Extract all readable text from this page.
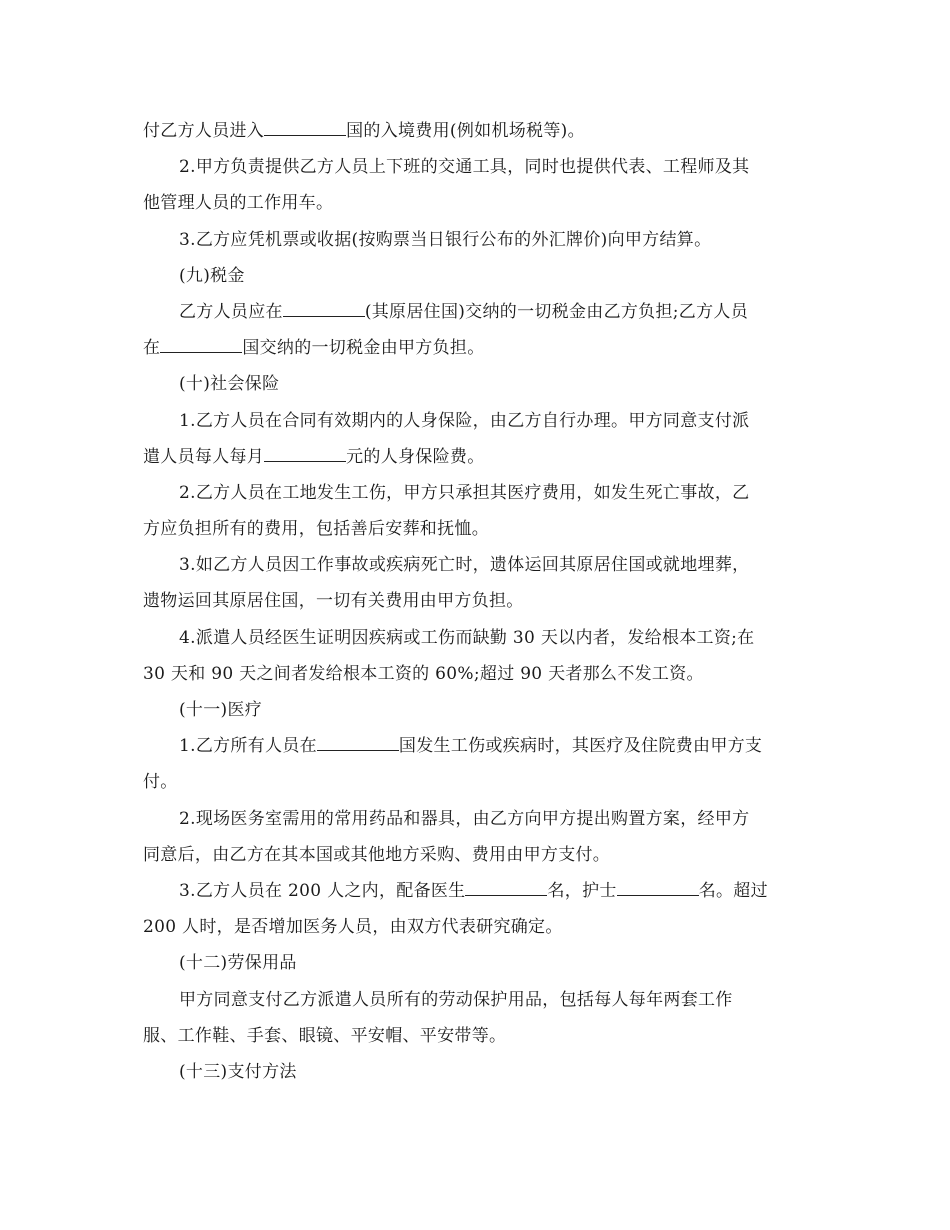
付乙方人员进入	国的入境费用(例如机场税等)。
2.甲方负责提供乙方人员上下班的交通工具，同时也提供代表、工程师及其
他管理人员的工作用车。
3.乙方应凭机票或收据(按购票当日银行公布的外汇牌价)向甲方结算。
(九)税金
乙方人员应在	(其原居住国)交纳的一切税金由乙方负担;乙方人员
在	国交纳的一切税金由甲方负担。
(十)社会保险
1.乙方人员在合同有效期内的人身保险，由乙方自行办理。甲方同意支付派
遣人员每人每月	元的人身保险费。
2.乙方人员在工地发生工伤，甲方只承担其医疗费用，如发生死亡事故，乙
方应负担所有的费用，包括善后安葬和抚恤。
3.如乙方人员因工作事故或疾病死亡时，遗体运回其原居住国或就地埋葬，
遗物运回其原居住国，一切有关费用由甲方负担。
4.派遣人员经医生证明因疾病或工伤而缺勤 30 天以内者，发给根本工资;在
30 天和 90 天之间者发给根本工资的 60%;超过 90 天者那么不发工资。
(十一)医疗
1.乙方所有人员在	国发生工伤或疾病时，其医疗及住院费由甲方支
付。
2.现场医务室需用的常用药品和器具，由乙方向甲方提出购置方案，经甲方
同意后，由乙方在其本国或其他地方采购、费用由甲方支付。
3.乙方人员在 200 人之内，配备医生	名，护士	名。超过
200 人时，是否增加医务人员，由双方代表研究确定。
(十二)劳保用品
甲方同意支付乙方派遣人员所有的劳动保护用品，包括每人每年两套工作
服、工作鞋、手套、眼镜、平安帽、平安带等。
(十三)支付方法
